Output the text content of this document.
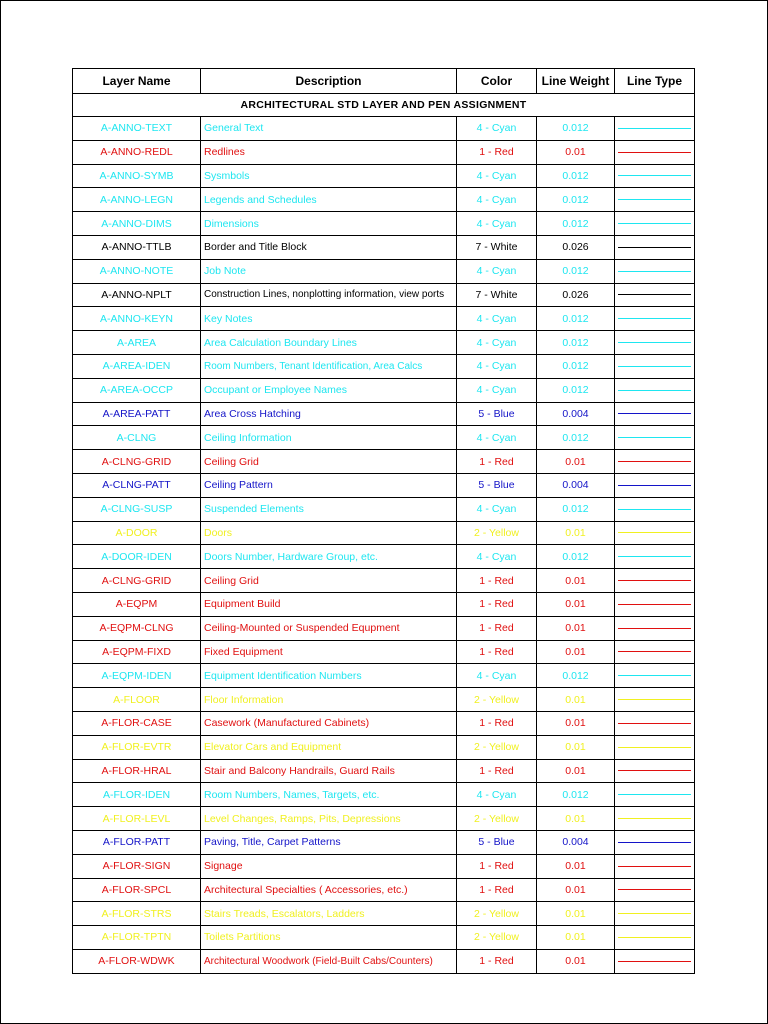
Layer Name	Description	Color	Line Weight	Line Type
ARCHITECTURAL STD LAYER AND PEN ASSIGNMENT				
A-ANNO-TEXT	General Text	4 - Cyan	0.012	

A-ANNO-REDL	Redlines	1 - Red	0.01	

A-ANNO-SYMB	Sysmbols	4 - Cyan	0.012	

A-ANNO-LEGN	Legends and Schedules	4 - Cyan	0.012	

A-ANNO-DIMS	Dimensions	4 - Cyan	0.012	

A-ANNO-TTLB	Border and Title Block	7 - White	0.026	

A-ANNO-NOTE	Job Note	4 - Cyan	0.012	

A-ANNO-NPLT	Construction Lines, nonplotting information, view ports	7 - White	0.026	

A-ANNO-KEYN	Key Notes	4 - Cyan	0.012	

A-AREA	Area Calculation Boundary Lines	4 - Cyan	0.012	

A-AREA-IDEN	Room Numbers, Tenant Identification, Area Calcs	4 - Cyan	0.012	

A-AREA-OCCP	Occupant or Employee Names	4 - Cyan	0.012	

A-AREA-PATT	Area Cross Hatching	5 - Blue	0.004	

A-CLNG	Ceiling Information	4 - Cyan	0.012	

A-CLNG-GRID	Ceiling Grid	1 - Red	0.01	

A-CLNG-PATT	Ceiling Pattern	5 - Blue	0.004	

A-CLNG-SUSP	Suspended Elements	4 - Cyan	0.012	

A-DOOR	Doors	2 - Yellow	0.01	

A-DOOR-IDEN	Doors Number, Hardware Group, etc.	4 - Cyan	0.012	

A-CLNG-GRID	Ceiling Grid	1 - Red	0.01	

A-EQPM	Equipment Build	1 - Red	0.01	

A-EQPM-CLNG	Ceiling-Mounted or Suspended Equpment	1 - Red	0.01	

A-EQPM-FIXD	Fixed Equipment	1 - Red	0.01	

A-EQPM-IDEN	Equipment Identification Numbers	4 - Cyan	0.012	

A-FLOOR	Floor Information	2 - Yellow	0.01	

A-FLOR-CASE	Casework (Manufactured Cabinets)	1 - Red	0.01	

A-FLOR-EVTR	Elevator Cars and Equipment	2 - Yellow	0.01	

A-FLOR-HRAL	Stair and Balcony Handrails, Guard Rails	1 - Red	0.01	

A-FLOR-IDEN	Room Numbers, Names, Targets, etc.	4 - Cyan	0.012	

A-FLOR-LEVL	Level Changes, Ramps, Pits, Depressions	2 - Yellow	0.01	

A-FLOR-PATT	Paving, Title, Carpet Patterns	5 - Blue	0.004	

A-FLOR-SIGN	Signage	1 - Red	0.01	

A-FLOR-SPCL	Architectural Specialties ( Accessories, etc.)	1 - Red	0.01	

A-FLOR-STRS	Stairs Treads, Escalators, Ladders	2 - Yellow	0.01	

A-FLOR-TPTN	Toilets Partitions	2 - Yellow	0.01	

A-FLOR-WDWK	Architectural Woodwork (Field-Built Cabs/Counters)	1 - Red	0.01	
